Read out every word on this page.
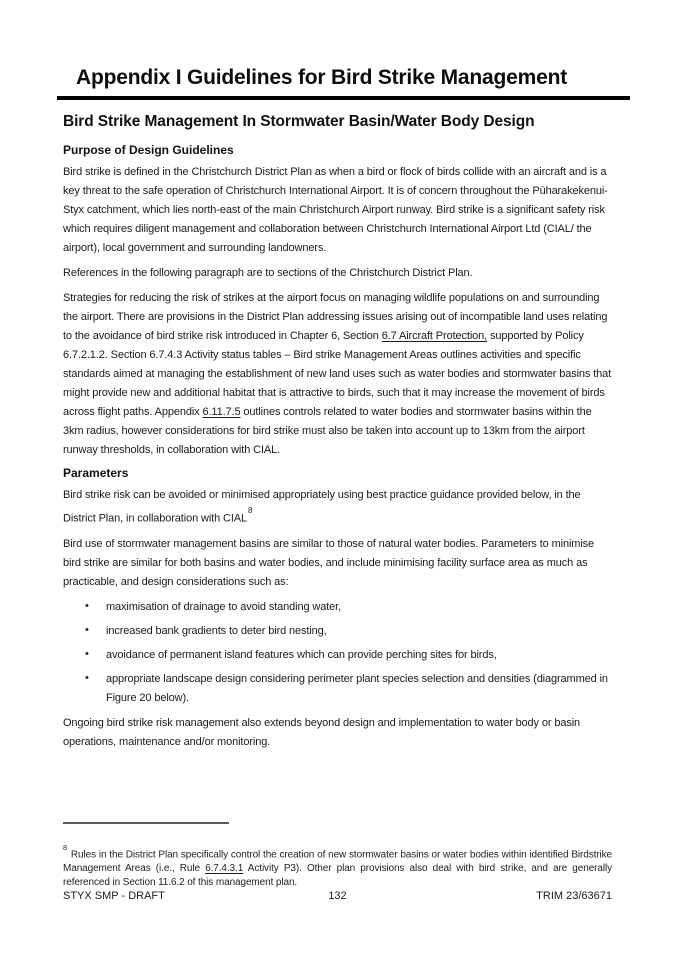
Appendix I Guidelines for Bird Strike Management
Bird Strike Management In Stormwater Basin/Water Body Design
Purpose of Design Guidelines

Bird strike is defined in the Christchurch District Plan as when a bird or flock of birds collide with an aircraft and is a key threat to the safe operation of Christchurch International Airport. It is of concern throughout the Pūharakekenui-Styx catchment, which lies north-east of the main Christchurch Airport runway. Bird strike is a significant safety risk which requires diligent management and collaboration between Christchurch International Airport Ltd (CIAL/ the airport), local government and surrounding landowners.

References in the following paragraph are to sections of the Christchurch District Plan.

Strategies for reducing the risk of strikes at the airport focus on managing wildlife populations on and surrounding the airport. There are provisions in the District Plan addressing issues arising out of incompatible land uses relating to the avoidance of bird strike risk introduced in Chapter 6, Section 6.7 Aircraft Protection, supported by Policy 6.7.2.1.2. Section 6.7.4.3 Activity status tables – Bird strike Management Areas outlines activities and specific standards aimed at managing the establishment of new land uses such as water bodies and stormwater basins that might provide new and additional habitat that is attractive to birds, such that it may increase the movement of birds across flight paths. Appendix 6.11.7.5 outlines controls related to water bodies and stormwater basins within the 3km radius, however considerations for bird strike must also be taken into account up to 13km from the airport runway thresholds, in collaboration with CIAL.

Parameters

Bird strike risk can be avoided or minimised appropriately using best practice guidance provided below, in the District Plan, in collaboration with CIAL$^8$

Bird use of stormwater management basins are similar to those of natural water bodies. Parameters to minimise bird strike are similar for both basins and water bodies, and include minimising facility surface area as much as practicable, and design considerations such as:

• maximisation of drainage to avoid standing water,
• increased bank gradients to deter bird nesting,
• avoidance of permanent island features which can provide perching sites for birds,
• appropriate landscape design considering perimeter plant species selection and densities (diagrammed in Figure 20 below).

Ongoing bird strike risk management also extends beyond design and implementation to water body or basin operations, maintenance and/or monitoring.

$^8$ Rules in the District Plan specifically control the creation of new stormwater basins or water bodies within identified Birdstrike Management Areas (i.e., Rule 6.7.4.3.1 Activity P3). Other plan provisions also deal with bird strike, and are generally referenced in Section 11.6.2 of this management plan.

STYX SMP - DRAFT	132	TRIM 23/63671
